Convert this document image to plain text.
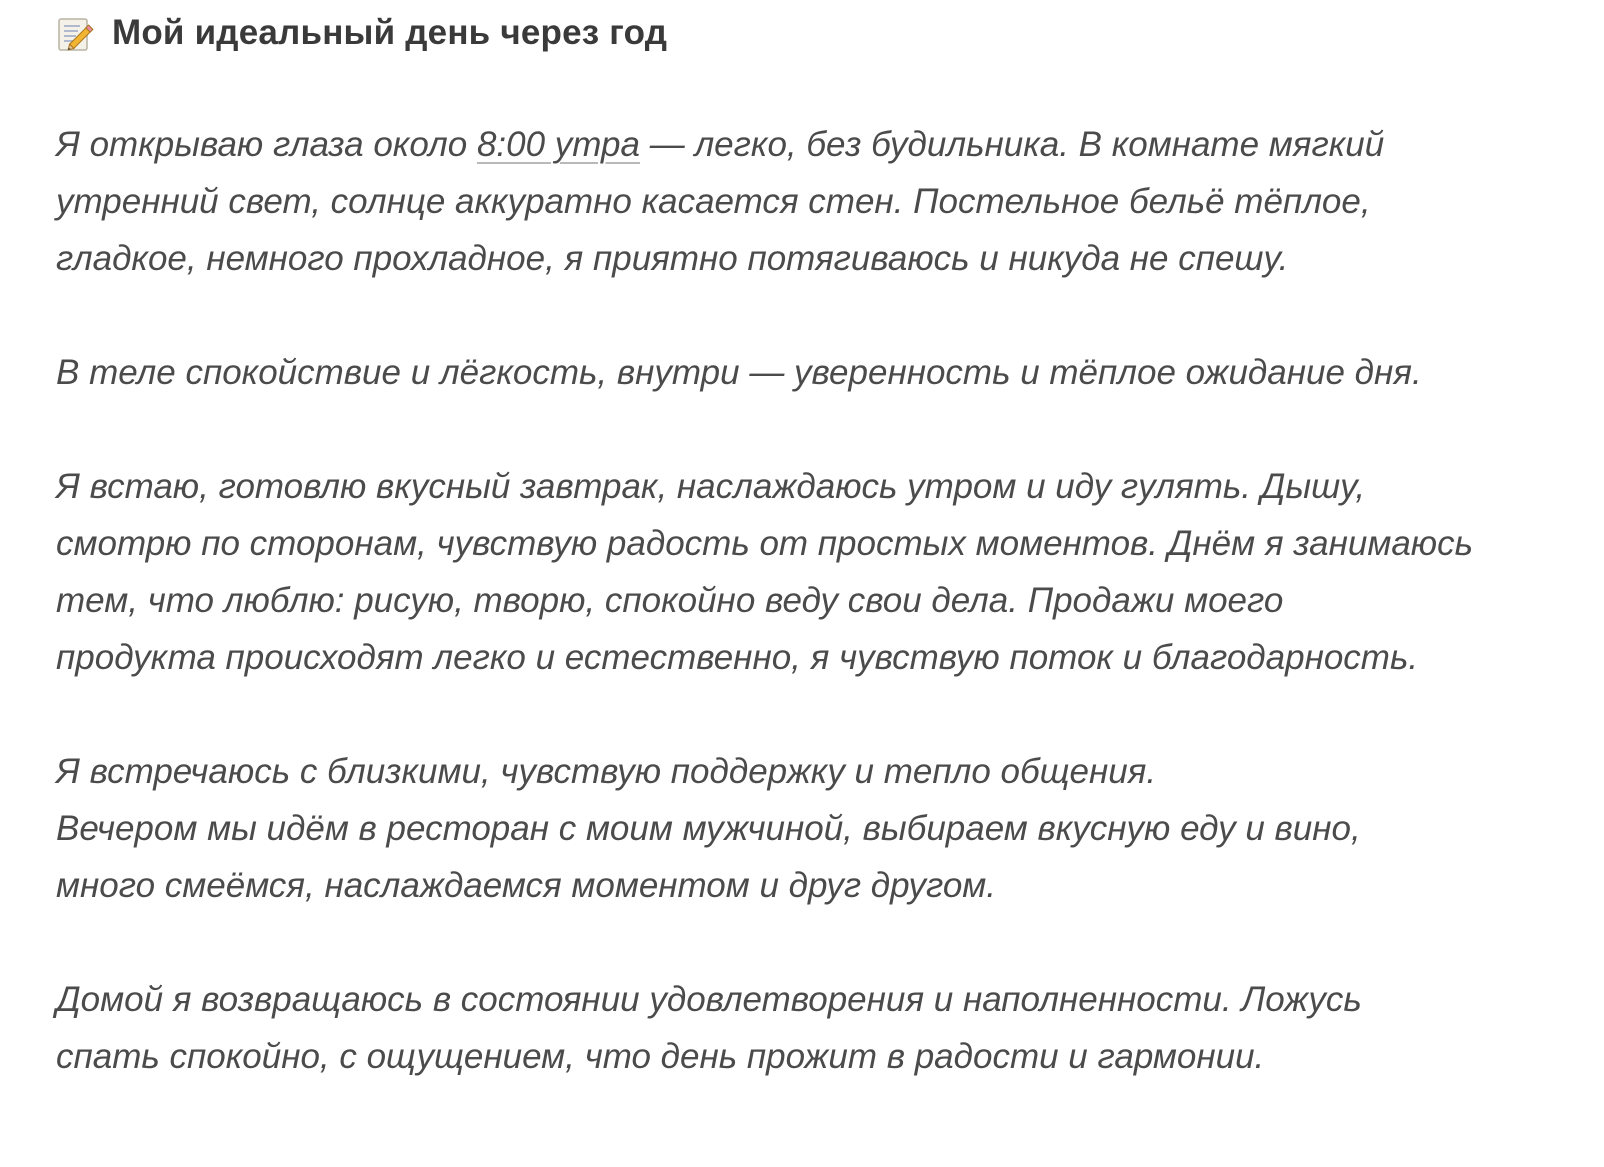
Мой идеальный день через год

Я открываю глаза около 8:00 утра — легко, без будильника. В комнате мягкий
утренний свет, солнце аккуратно касается стен. Постельное бельё тёплое,
гладкое, немного прохладное, я приятно потягиваюсь и никуда не спешу.

В теле спокойствие и лёгкость, внутри — уверенность и тёплое ожидание дня.

Я встаю, готовлю вкусный завтрак, наслаждаюсь утром и иду гулять. Дышу,
смотрю по сторонам, чувствую радость от простых моментов. Днём я занимаюсь
тем, что люблю: рисую, творю, спокойно веду свои дела. Продажи моего
продукта происходят легко и естественно, я чувствую поток и благодарность.

Я встречаюсь с близкими, чувствую поддержку и тепло общения.
Вечером мы идём в ресторан с моим мужчиной, выбираем вкусную еду и вино,
много смеёмся, наслаждаемся моментом и друг другом.

Домой я возвращаюсь в состоянии удовлетворения и наполненности. Ложусь
спать спокойно, с ощущением, что день прожит в радости и гармонии.
